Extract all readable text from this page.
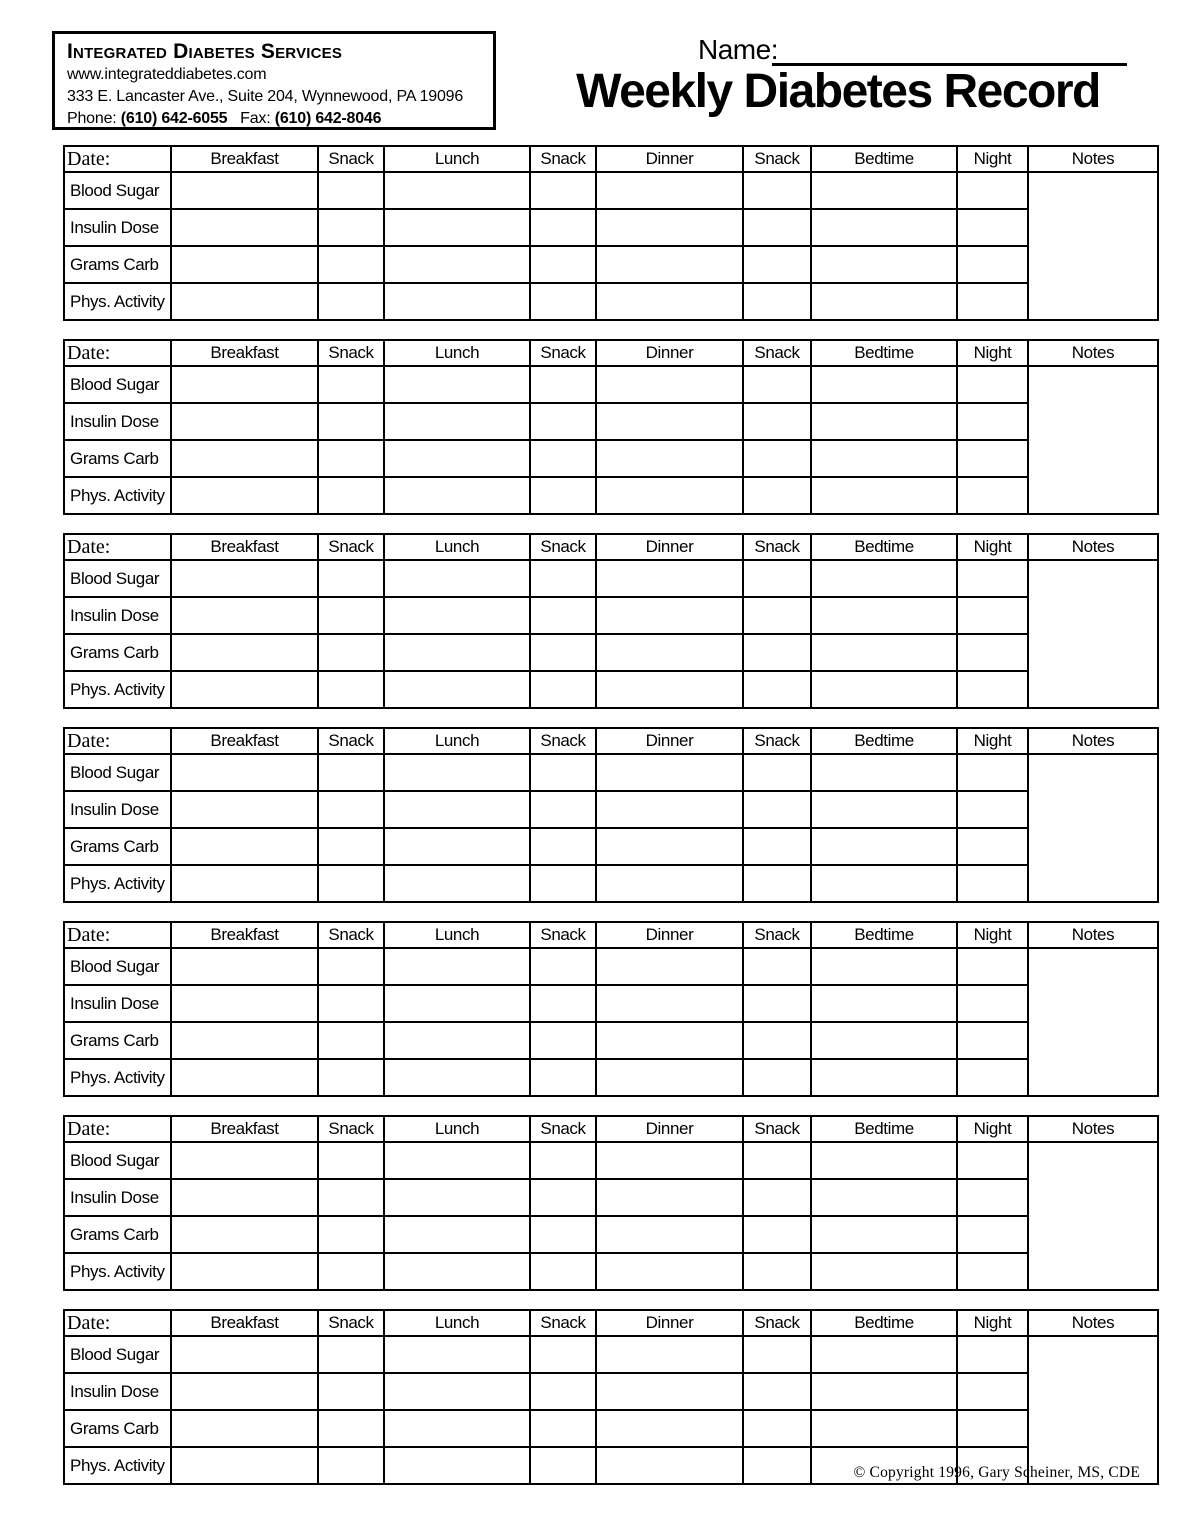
Integrated Diabetes Services
www.integrateddiabetes.com
333 E. Lancaster Ave., Suite 204, Wynnewood, PA 19096
Phone: (610) 642-6055 Fax: (610) 642-8046
Name:
Weekly Diabetes Record
Date:	Breakfast	Snack	Lunch	Snack	Dinner	Snack	Bedtime	Night	Notes
Blood Sugar									
Insulin Dose									
Grams Carb									
Phys. Activity									
Date:	Breakfast	Snack	Lunch	Snack	Dinner	Snack	Bedtime	Night	Notes
Blood Sugar									
Insulin Dose									
Grams Carb									
Phys. Activity									
Date:	Breakfast	Snack	Lunch	Snack	Dinner	Snack	Bedtime	Night	Notes
Blood Sugar									
Insulin Dose									
Grams Carb									
Phys. Activity									
Date:	Breakfast	Snack	Lunch	Snack	Dinner	Snack	Bedtime	Night	Notes
Blood Sugar									
Insulin Dose									
Grams Carb									
Phys. Activity									
Date:	Breakfast	Snack	Lunch	Snack	Dinner	Snack	Bedtime	Night	Notes
Blood Sugar									
Insulin Dose									
Grams Carb									
Phys. Activity									
Date:	Breakfast	Snack	Lunch	Snack	Dinner	Snack	Bedtime	Night	Notes
Blood Sugar									
Insulin Dose									
Grams Carb									
Phys. Activity									
Date:	Breakfast	Snack	Lunch	Snack	Dinner	Snack	Bedtime	Night	Notes
Blood Sugar									
Insulin Dose									
Grams Carb									
Phys. Activity										© Copyright 1996, Gary Scheiner, MS, CDE
